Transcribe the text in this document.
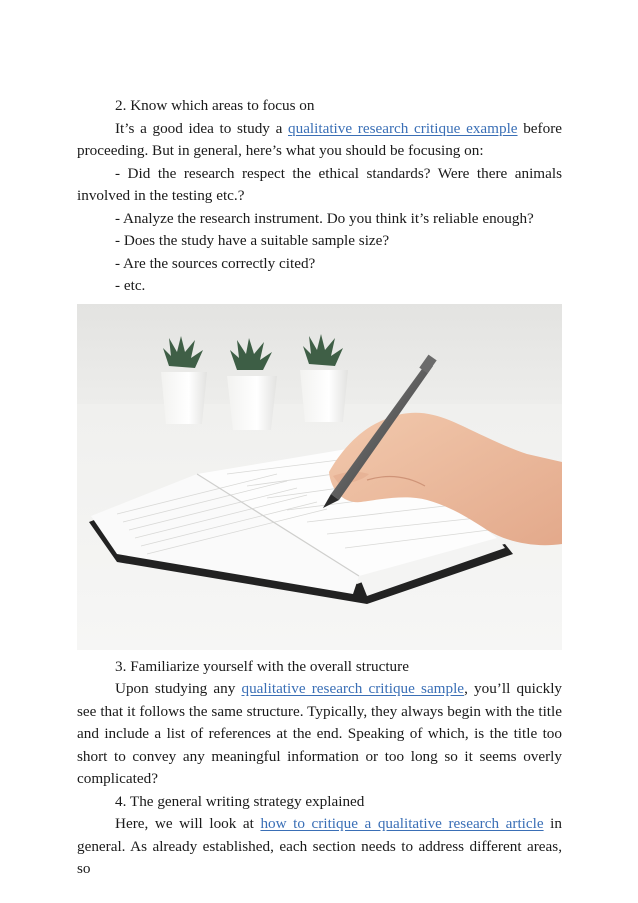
2. Know which areas to focus on

It’s a good idea to study a qualitative research critique example before proceeding. But in general, here’s what you should be focusing on:

- Did the research respect the ethical standards? Were there animals involved in the testing etc.?

- Analyze the research instrument. Do you think it’s reliable enough?

- Does the study have a suitable sample size?

- Are the sources correctly cited?

- etc.

3. Familiarize yourself with the overall structure

Upon studying any qualitative research critique sample, you’ll quickly see that it follows the same structure. Typically, they always begin with the title and include a list of references at the end. Speaking of which, is the title too short to convey any meaningful information or too long so it seems overly complicated?

4. The general writing strategy explained

Here, we will look at how to critique a qualitative research article in general. As already established, each section needs to address different areas, so
